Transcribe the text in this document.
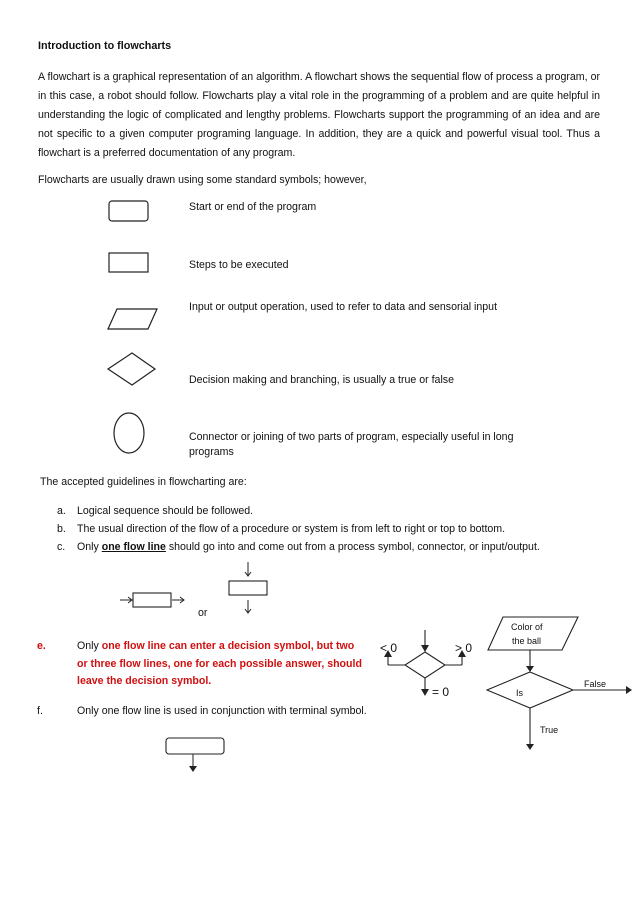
Introduction to flowcharts
A flowchart is a graphical representation of an algorithm. A flowchart shows the sequential flow of process a program, or in this case, a robot should follow. Flowcharts play a vital role in the programming of a problem and are quite helpful in understanding the logic of complicated and lengthy problems. Flowcharts support the programming of an idea and are not specific to a given computer programing language. In addition, they are a quick and powerful visual tool. Thus a flowchart is a preferred documentation of any program.
Flowcharts are usually drawn using some standard symbols; however,
Start or end of the program
Steps to be executed
Input or output operation, used to refer to data and sensorial input
Decision making and branching, is usually a true or false
Connector or joining of two parts of program, especially useful in long programs
The accepted guidelines in flowcharting are:
a. Logical sequence should be followed.
b. The usual direction of the flow of a procedure or system is from left to right or top to bottom.
c. Only one flow line should go into and come out from a process symbol, connector, or input/output.
or
e.	Only one flow line can enter a decision symbol, but two or three flow lines, one for each possible answer, should leave the decision symbol.
f.	Only one flow line is used in conjunction with terminal symbol.
< 0	> 0
= 0
Color of
the ball
Is
False
True
